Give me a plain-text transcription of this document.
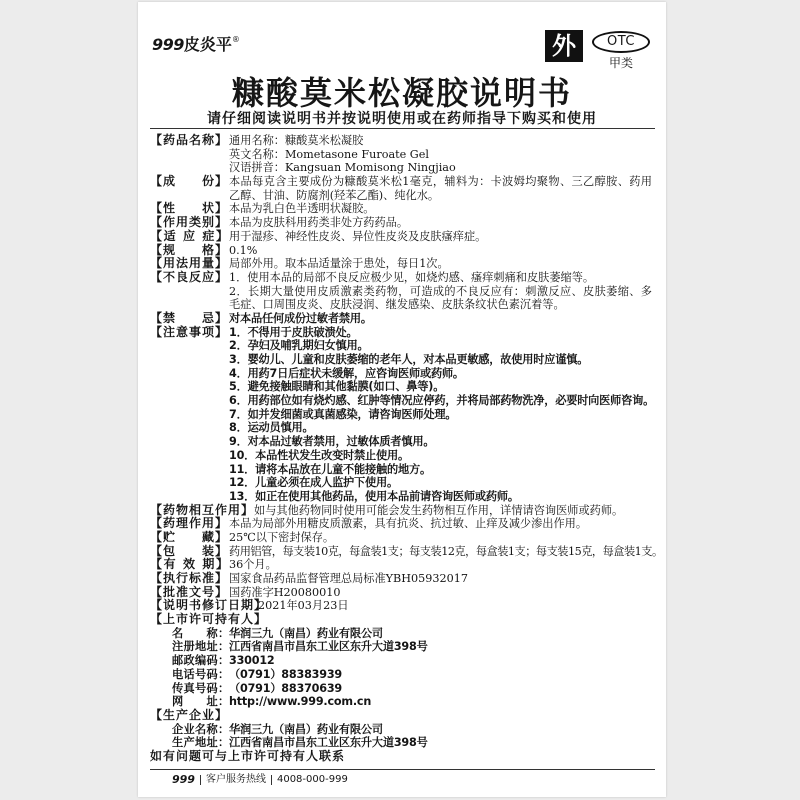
999皮炎平®	外	OTC
甲类
糠酸莫米松凝胶说明书
请仔细阅读说明书并按说明使用或在药师指导下购买和使用
【药品名称】 通用名称：糠酸莫米松凝胶
英文名称：Mometasone Furoate Gel
汉语拼音：Kangsuan Momisong Ningjiao
【成　　份】 本品每克含主要成份为糠酸莫米松1毫克，辅料为：卡波姆均聚物、三乙醇胺、药用
乙醇、甘油、防腐剂(羟苯乙酯)、纯化水。
【性　　状】 本品为乳白色半透明状凝胶。
【作用类别】 本品为皮肤科用药类非处方药药品。
【适 应 症】 用于湿疹、神经性皮炎、异位性皮炎及皮肤瘙痒症。
【规　　格】 0.1%
【用法用量】 局部外用。取本品适量涂于患处，每日1次。
【不良反应】 1．使用本品的局部不良反应极少见，如烧灼感、瘙痒刺痛和皮肤萎缩等。
2．长期大量使用皮质激素类药物，可造成的不良反应有：刺激反应、皮肤萎缩、多
毛症、口周围皮炎、皮肤浸润、继发感染、皮肤条纹状色素沉着等。
【禁　　忌】 对本品任何成份过敏者禁用。
【注意事项】 1．不得用于皮肤破溃处。
2．孕妇及哺乳期妇女慎用。
3．婴幼儿、儿童和皮肤萎缩的老年人，对本品更敏感，故使用时应谨慎。
4．用药7日后症状未缓解，应咨询医师或药师。
5．避免接触眼睛和其他黏膜(如口、鼻等)。
6．用药部位如有烧灼感、红肿等情况应停药，并将局部药物洗净，必要时向医师咨询。
7．如并发细菌或真菌感染，请咨询医师处理。
8．运动员慎用。
9．对本品过敏者禁用，过敏体质者慎用。
10．本品性状发生改变时禁止使用。
11．请将本品放在儿童不能接触的地方。
12．儿童必须在成人监护下使用。
13．如正在使用其他药品，使用本品前请咨询医师或药师。
【药物相互作用】 如与其他药物同时使用可能会发生药物相互作用，详情请咨询医师或药师。
【药理作用】 本品为局部外用糖皮质激素，具有抗炎、抗过敏、止痒及减少渗出作用。
【贮　　藏】 25℃以下密封保存。
【包　　装】 药用铝管，每支装10克，每盒装1支；每支装12克，每盒装1支；每支装15克，每盒装1支。
【有 效 期】 36个月。
【执行标准】 国家食品药品监督管理总局标准YBH05932017
【批准文号】 国药准字H20080010
【说明书修订日期】
2021年03月23日
【上市许可持有人】
名　　称： 华润三九（南昌）药业有限公司
注册地址： 江西省南昌市昌东工业区东升大道398号
邮政编码： 330012
电话号码： （0791）88383939
传真号码： （0791）88370639
网　　址： http://www.999.com.cn
【生产企业】
企业名称： 华润三九（南昌）药业有限公司
生产地址： 江西省南昌市昌东工业区东升大道398号
如有问题可与上市许可持有人联系
999 客户服务热线 4008-000-999
